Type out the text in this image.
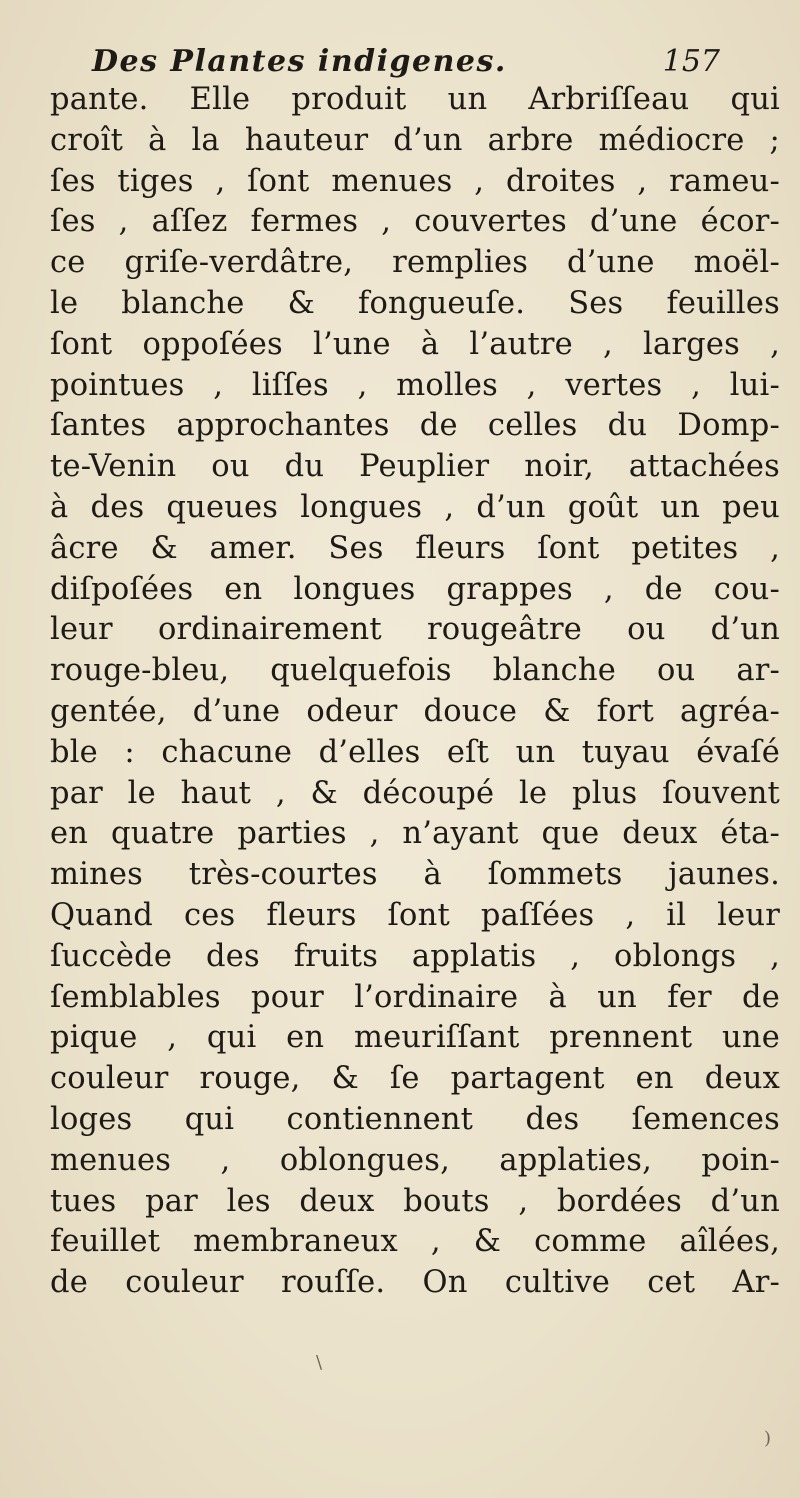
Des Plantes indigenes.	157
pante. Elle produit un Arbriſſeau qui
croît à la hauteur d’un arbre médiocre ;
ſes tiges , ſont menues , droites , rameu-
ſes , aſſez fermes , couvertes d’une écor-
ce griſe-verdâtre, remplies d’une moël-
le blanche & fongueuſe. Ses feuilles
ſont oppoſées l’une à l’autre , larges ,
pointues , liſſes , molles , vertes , lui-
ſantes approchantes de celles du Domp-
te-Venin ou du Peuplier noir, attachées
à des queues longues , d’un goût un peu
âcre & amer. Ses fleurs ſont petites ,
diſpoſées en longues grappes , de cou-
leur ordinairement rougeâtre ou d’un
rouge-bleu, quelquefois blanche ou ar-
gentée, d’une odeur douce & fort agréa-
ble : chacune d’elles eſt un tuyau évaſé
par le haut , & découpé le plus ſouvent
en quatre parties , n’ayant que deux éta-
mines très-courtes à ſommets jaunes.
Quand ces fleurs ſont paſſées , il leur
ſuccède des fruits applatis , oblongs ,
ſemblables pour l’ordinaire à un fer de
pique , qui en meuriſſant prennent une
couleur rouge, & ſe partagent en deux
loges qui contiennent des ſemences
menues , oblongues, applaties, poin-
tues par les deux bouts , bordées d’un
feuillet membraneux , & comme aîlées,
de couleur rouſſe. On cultive cet Ar-
\
)
